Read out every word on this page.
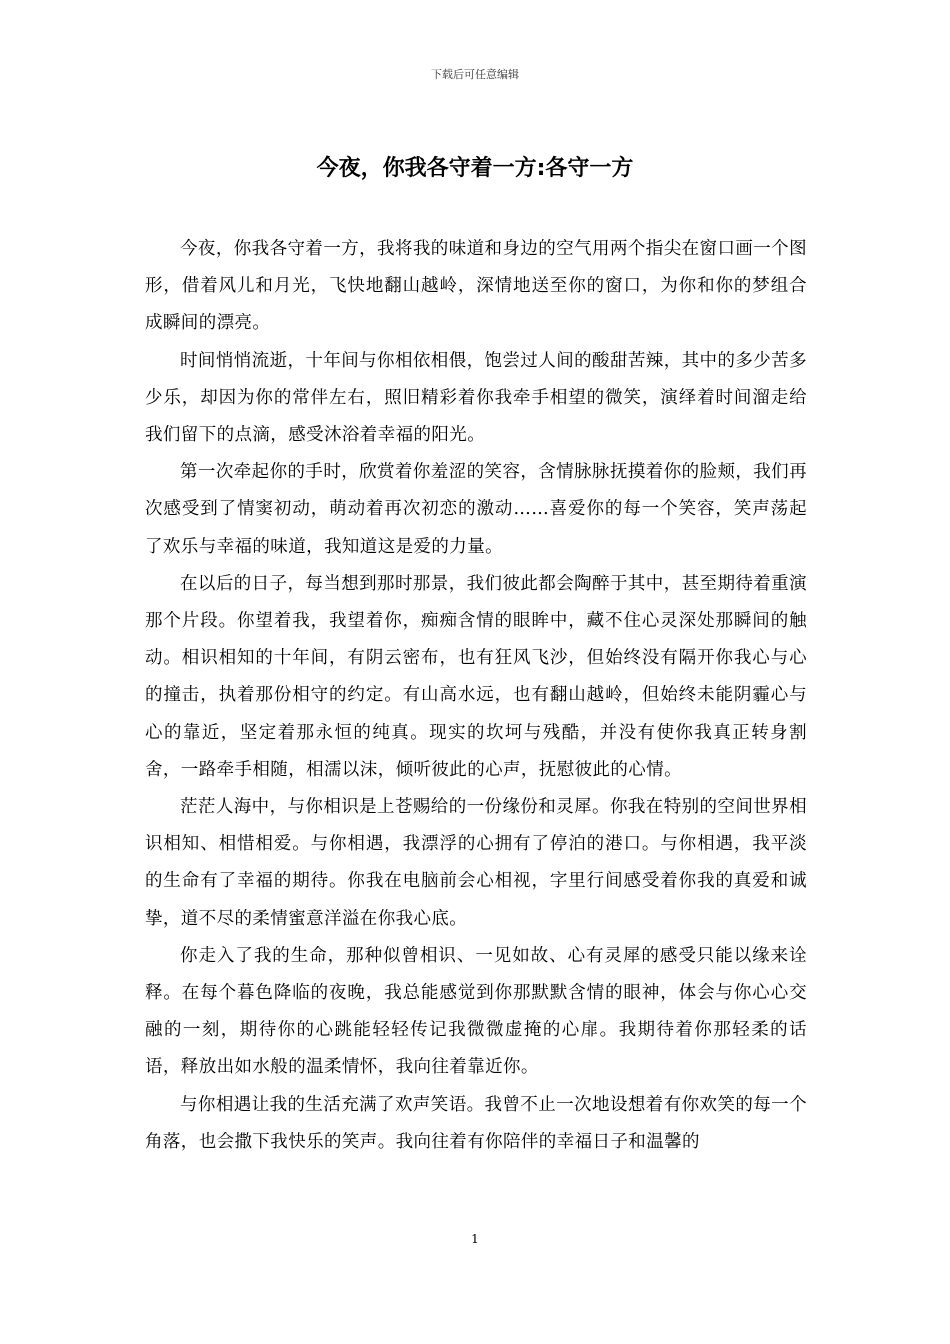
下载后可任意编辑
今夜，你我各守着一方:各守一方

今夜，你我各守着一方，我将我的味道和身边的空气用两个指尖在窗口画一个图形，借着风儿和月光，飞快地翻山越岭，深情地送至你的窗口，为你和你的梦组合成瞬间的漂亮。

时间悄悄流逝，十年间与你相依相偎，饱尝过人间的酸甜苦辣，其中的多少苦多少乐，却因为你的常伴左右，照旧精彩着你我牵手相望的微笑，演绎着时间溜走给我们留下的点滴，感受沐浴着幸福的阳光。

第一次牵起你的手时，欣赏着你羞涩的笑容，含情脉脉抚摸着你的脸颊，我们再次感受到了情窦初动，萌动着再次初恋的激动……喜爱你的每一个笑容，笑声荡起了欢乐与幸福的味道，我知道这是爱的力量。

在以后的日子，每当想到那时那景，我们彼此都会陶醉于其中，甚至期待着重演那个片段。你望着我，我望着你，痴痴含情的眼眸中，藏不住心灵深处那瞬间的触动。相识相知的十年间，有阴云密布，也有狂风飞沙，但始终没有隔开你我心与心的撞击，执着那份相守的约定。有山高水远，也有翻山越岭，但始终未能阴霾心与心的靠近，坚定着那永恒的纯真。现实的坎坷与残酷，并没有使你我真正转身割舍，一路牵手相随，相濡以沫，倾听彼此的心声，抚慰彼此的心情。

茫茫人海中，与你相识是上苍赐给的一份缘份和灵犀。你我在特别的空间世界相识相知、相惜相爱。与你相遇，我漂浮的心拥有了停泊的港口。与你相遇，我平淡的生命有了幸福的期待。你我在电脑前会心相视，字里行间感受着你我的真爱和诚挚，道不尽的柔情蜜意洋溢在你我心底。

你走入了我的生命，那种似曾相识、一见如故、心有灵犀的感受只能以缘来诠释。在每个暮色降临的夜晚，我总能感觉到你那默默含情的眼神，体会与你心心交融的一刻，期待你的心跳能轻轻传记我微微虚掩的心扉。我期待着你那轻柔的话语，释放出如水般的温柔情怀，我向往着靠近你。

与你相遇让我的生活充满了欢声笑语。我曾不止一次地设想着有你欢笑的每一个角落，也会撒下我快乐的笑声。我向往着有你陪伴的幸福日子和温馨的

1
